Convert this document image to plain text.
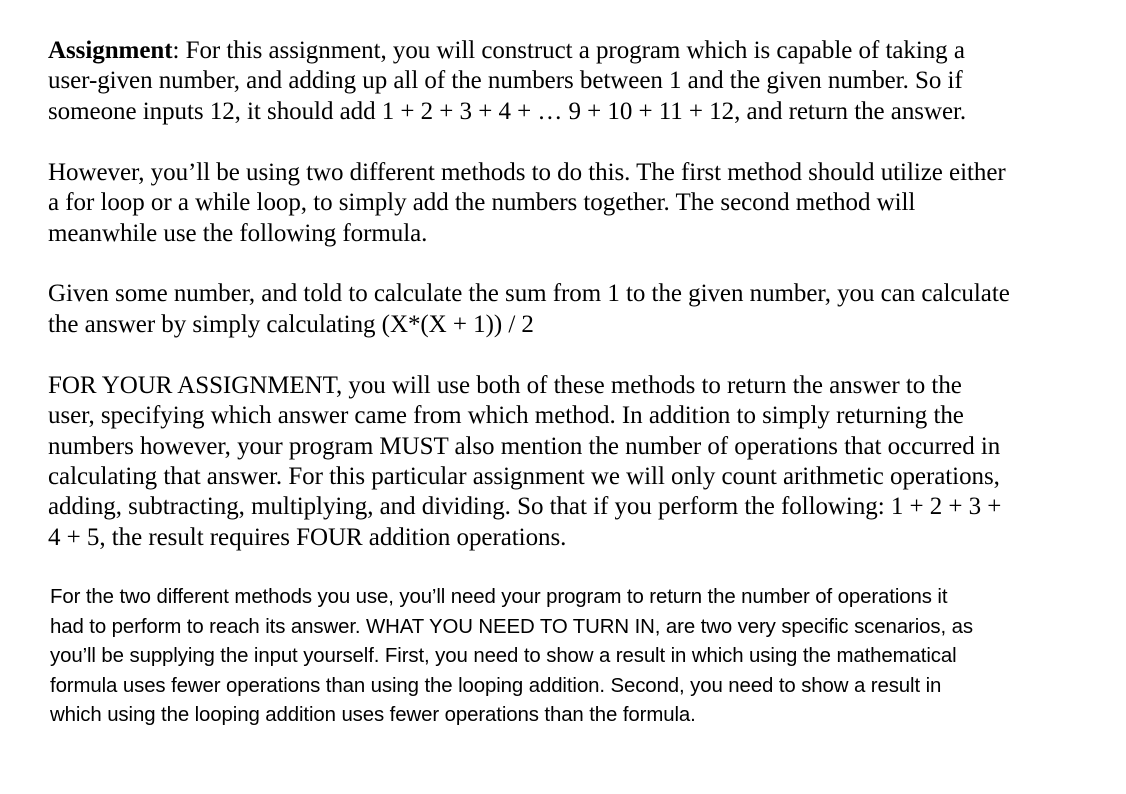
Assignment: For this assignment, you will construct a program which is capable of taking a
user-given number, and adding up all of the numbers between 1 and the given number. So if
someone inputs 12, it should add 1 + 2 + 3 + 4 + … 9 + 10 + 11 + 12, and return the answer.

However, you’ll be using two different methods to do this. The first method should utilize either
a for loop or a while loop, to simply add the numbers together. The second method will
meanwhile use the following formula.

Given some number, and told to calculate the sum from 1 to the given number, you can calculate
the answer by simply calculating (X*(X + 1)) / 2

FOR YOUR ASSIGNMENT, you will use both of these methods to return the answer to the
user, specifying which answer came from which method. In addition to simply returning the
numbers however, your program MUST also mention the number of operations that occurred in
calculating that answer. For this particular assignment we will only count arithmetic operations,
adding, subtracting, multiplying, and dividing. So that if you perform the following: 1 + 2 + 3 +
4 + 5, the result requires FOUR addition operations.

For the two different methods you use, you’ll need your program to return the number of operations it
had to perform to reach its answer. WHAT YOU NEED TO TURN IN, are two very specific scenarios, as
you’ll be supplying the input yourself. First, you need to show a result in which using the mathematical
formula uses fewer operations than using the looping addition. Second, you need to show a result in
which using the looping addition uses fewer operations than the formula.
